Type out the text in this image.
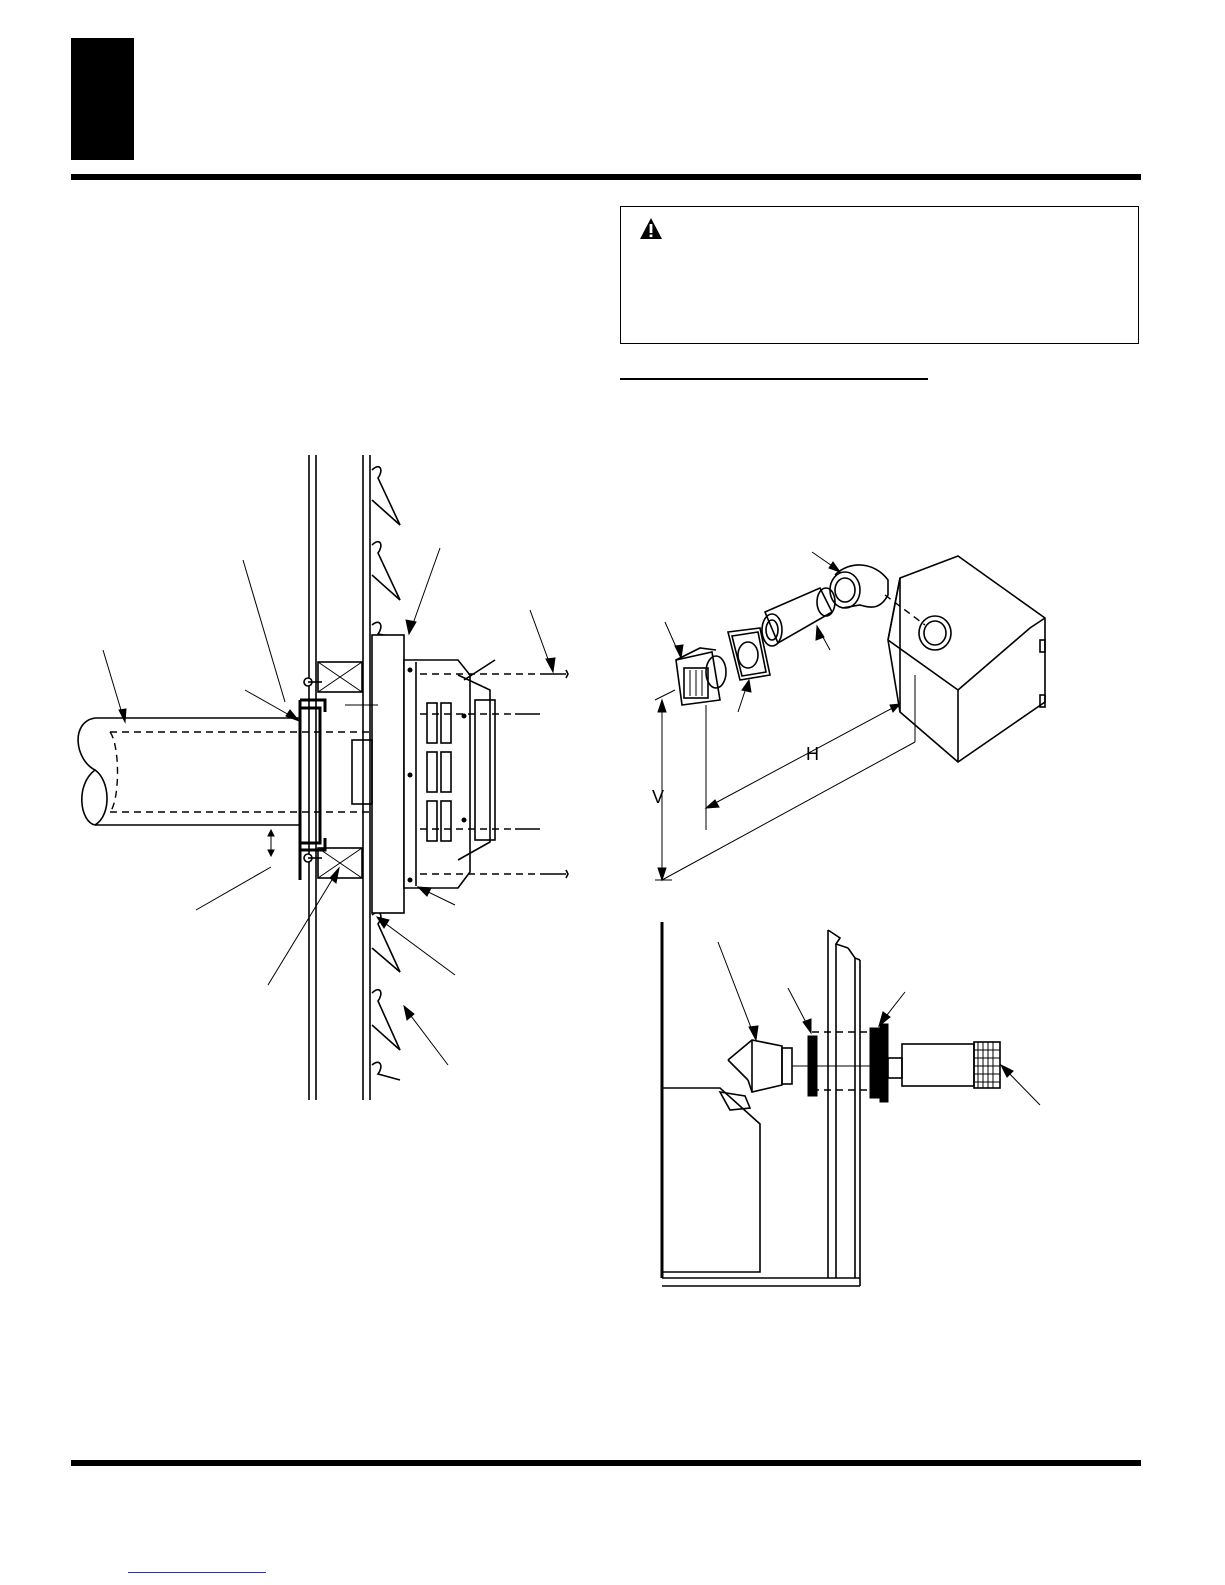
H
V
